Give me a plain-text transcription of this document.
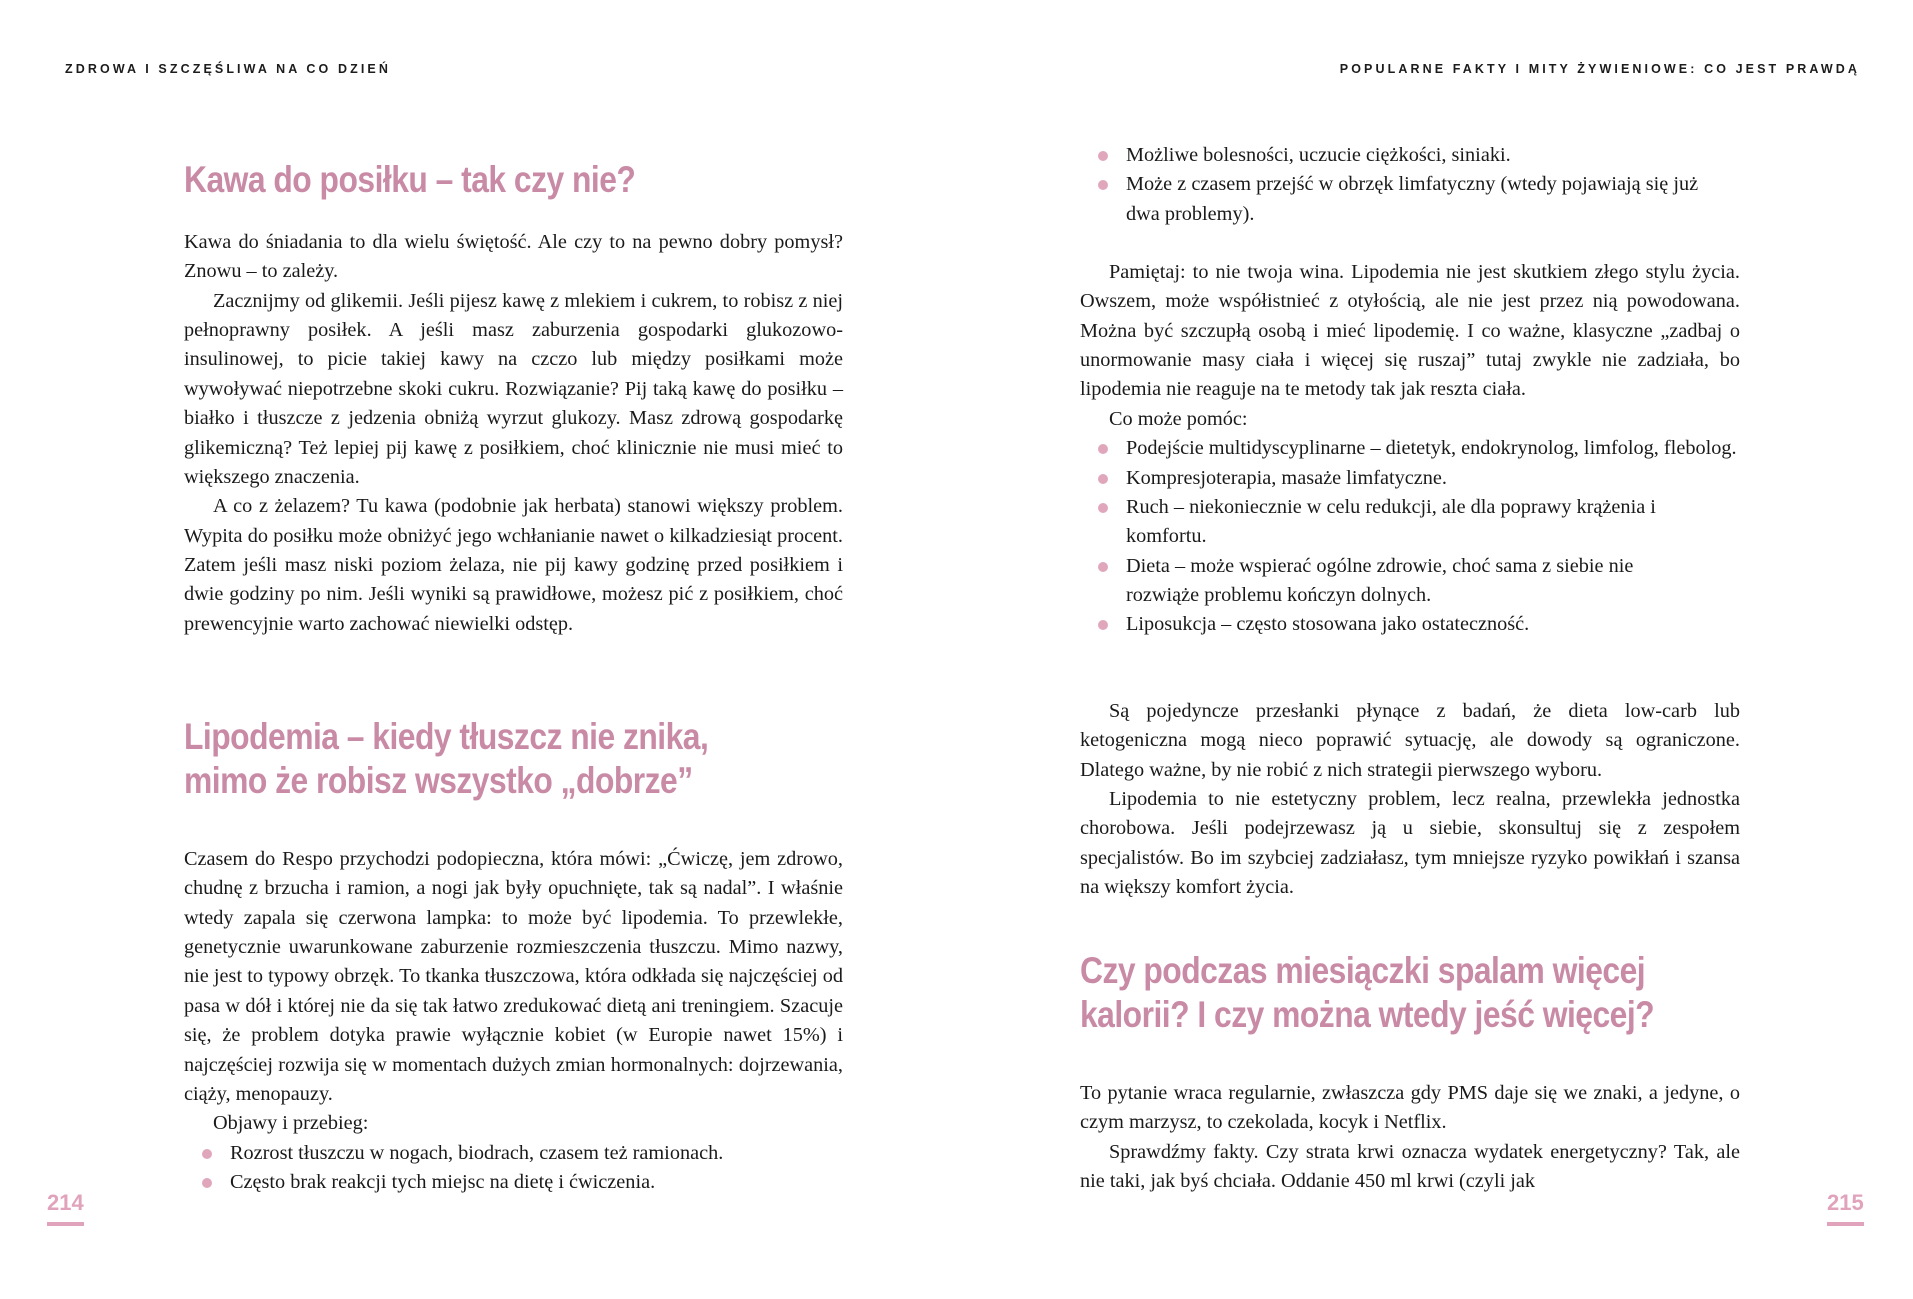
ZDROWA I SZCZĘŚLIWA NA CO DZIEŃ
Kawa do posiłku – tak czy nie?

Kawa do śniadania to dla wielu świętość. Ale czy to na pewno dobry pomysł? Znowu – to zależy.

Zacznijmy od glikemii. Jeśli pijesz kawę z mlekiem i cukrem, to robisz z niej pełnoprawny posiłek. A jeśli masz zaburzenia gospodarki glukozowo-insulinowej, to picie takiej kawy na czczo lub między posiłkami może wywoływać niepotrzebne skoki cukru. Rozwiązanie? Pij taką kawę do posiłku – białko i tłuszcze z jedzenia obniżą wyrzut glukozy. Masz zdrową gospodarkę glikemiczną? Też lepiej pij kawę z posiłkiem, choć klinicznie nie musi mieć to większego znaczenia.

A co z żelazem? Tu kawa (podobnie jak herbata) stanowi większy problem. Wypita do posiłku może obniżyć jego wchłanianie nawet o kilkadziesiąt procent. Zatem jeśli masz niski poziom żelaza, nie pij kawy godzinę przed posiłkiem i dwie godziny po nim. Jeśli wyniki są prawidłowe, możesz pić z posiłkiem, choć prewencyjnie warto zachować niewielki odstęp.

Lipodemia – kiedy tłuszcz nie znika,
mimo że robisz wszystko „dobrze”

Czasem do Respo przychodzi podopieczna, która mówi: „Ćwiczę, jem zdrowo, chudnę z brzucha i ramion, a nogi jak były opuchnięte, tak są nadal”. I właśnie wtedy zapala się czerwona lampka: to może być lipodemia. To przewlekłe, genetycznie uwarunkowane zaburzenie rozmieszczenia tłuszczu. Mimo nazwy, nie jest to typowy obrzęk. To tkanka tłuszczowa, która odkłada się najczęściej od pasa w dół i której nie da się tak łatwo zredukować dietą ani treningiem. Szacuje się, że problem dotyka prawie wyłącznie kobiet (w Europie nawet 15%) i najczęściej rozwija się w momentach dużych zmian hormonalnych: dojrzewania, ciąży, menopauzy.

Objawy i przebieg:

Rozrost tłuszczu w nogach, biodrach, czasem też ramionach.
Często brak reakcji tych miejsc na dietę i ćwiczenia.
214
POPULARNE FAKTY I MITY ŻYWIENIOWE: CO JEST PRAWDĄ
Możliwe bolesności, uczucie ciężkości, siniaki.
Może z czasem przejść w obrzęk limfatyczny (wtedy pojawiają się już dwa problemy).

Pamiętaj: to nie twoja wina. Lipodemia nie jest skutkiem złego stylu życia. Owszem, może współistnieć z otyłością, ale nie jest przez nią powodowana. Można być szczupłą osobą i mieć lipodemię. I co ważne, klasyczne „zadbaj o unormowanie masy ciała i więcej się ruszaj” tutaj zwykle nie zadziała, bo lipodemia nie reaguje na te metody tak jak reszta ciała.

Co może pomóc:

Podejście multidyscyplinarne – dietetyk, endokrynolog, limfolog, flebolog.
Kompresjoterapia, masaże limfatyczne.
Ruch – niekoniecznie w celu redukcji, ale dla poprawy krążenia i komfortu.
Dieta – może wspierać ogólne zdrowie, choć sama z siebie nie rozwiąże problemu kończyn dolnych.
Liposukcja – często stosowana jako ostateczność.

Są pojedyncze przesłanki płynące z badań, że dieta low-carb lub ketogeniczna mogą nieco poprawić sytuację, ale dowody są ograniczone. Dlatego ważne, by nie robić z nich strategii pierwszego wyboru.

Lipodemia to nie estetyczny problem, lecz realna, przewlekła jednostka chorobowa. Jeśli podejrzewasz ją u siebie, skonsultuj się z zespołem specjalistów. Bo im szybciej zadziałasz, tym mniejsze ryzyko powikłań i szansa na większy komfort życia.

Czy podczas miesiączki spalam więcej
kalorii? I czy można wtedy jeść więcej?

To pytanie wraca regularnie, zwłaszcza gdy PMS daje się we znaki, a jedyne, o czym marzysz, to czekolada, kocyk i Netflix.

Sprawdźmy fakty. Czy strata krwi oznacza wydatek energetyczny? Tak, ale nie taki, jak byś chciała. Oddanie 450 ml krwi (czyli jak

215
